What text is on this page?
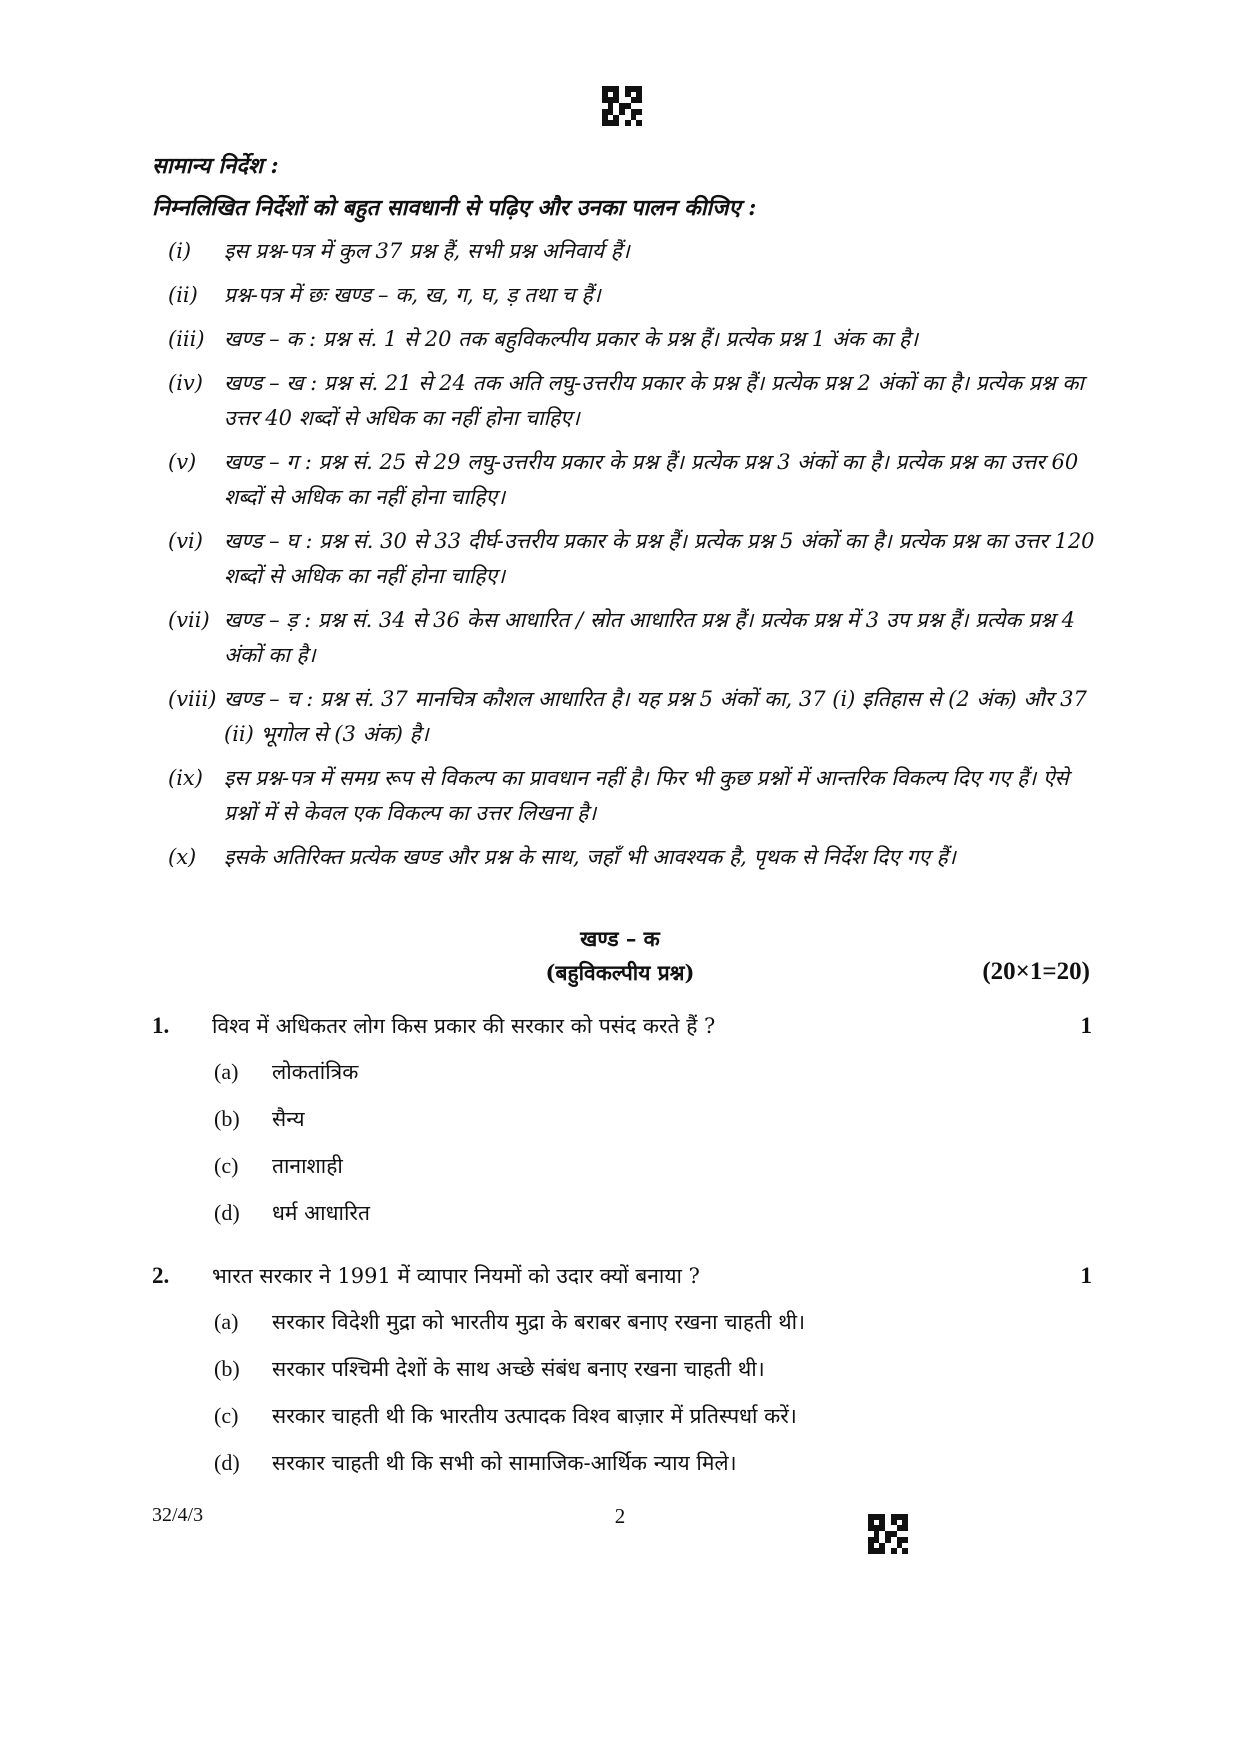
सामान्य निर्देश :
निम्नलिखित निर्देशों को बहुत सावधानी से पढ़िए और उनका पालन कीजिए :
(i) इस प्रश्न-पत्र में कुल 37 प्रश्न हैं, सभी प्रश्न अनिवार्य हैं।
(ii) प्रश्न-पत्र में छः खण्ड – क, ख, ग, घ, ड़ तथा च हैं।
(iii) खण्ड – क : प्रश्न सं. 1 से 20 तक बहुविकल्पीय प्रकार के प्रश्न हैं। प्रत्येक प्रश्न 1 अंक का है।
(iv) खण्ड – ख : प्रश्न सं. 21 से 24 तक अति लघु-उत्तरीय प्रकार के प्रश्न हैं। प्रत्येक प्रश्न 2 अंकों का है। प्रत्येक प्रश्न का उत्तर 40 शब्दों से अधिक का नहीं होना चाहिए।
(v) खण्ड – ग : प्रश्न सं. 25 से 29 लघु-उत्तरीय प्रकार के प्रश्न हैं। प्रत्येक प्रश्न 3 अंकों का है। प्रत्येक प्रश्न का उत्तर 60 शब्दों से अधिक का नहीं होना चाहिए।
(vi) खण्ड – घ : प्रश्न सं. 30 से 33 दीर्घ-उत्तरीय प्रकार के प्रश्न हैं। प्रत्येक प्रश्न 5 अंकों का है। प्रत्येक प्रश्न का उत्तर 120 शब्दों से अधिक का नहीं होना चाहिए।
(vii) खण्ड – ड़ : प्रश्न सं. 34 से 36 केस आधारित / स्रोत आधारित प्रश्न हैं। प्रत्येक प्रश्न में 3 उप प्रश्न हैं। प्रत्येक प्रश्न 4 अंकों का है।
(viii) खण्ड – च : प्रश्न सं. 37 मानचित्र कौशल आधारित है। यह प्रश्न 5 अंकों का, 37 (i) इतिहास से (2 अंक) और 37 (ii) भूगोल से (3 अंक) है।
(ix) इस प्रश्न-पत्र में समग्र रूप से विकल्प का प्रावधान नहीं है। फिर भी कुछ प्रश्नों में आन्तरिक विकल्प दिए गए हैं। ऐसे प्रश्नों में से केवल एक विकल्प का उत्तर लिखना है।
(x) इसके अतिरिक्त प्रत्येक खण्ड और प्रश्न के साथ, जहाँ भी आवश्यक है, पृथक से निर्देश दिए गए हैं।
खण्ड – क
(बहुविकल्पीय प्रश्न)	(20×1=20)
1. विश्व में अधिकतर लोग किस प्रकार की सरकार को पसंद करते हैं ?	1
(a) लोकतांत्रिक
(b) सैन्य
(c) तानाशाही
(d) धर्म आधारित
2. भारत सरकार ने 1991 में व्यापार नियमों को उदार क्यों बनाया ?	1
(a) सरकार विदेशी मुद्रा को भारतीय मुद्रा के बराबर बनाए रखना चाहती थी।
(b) सरकार पश्चिमी देशों के साथ अच्छे संबंध बनाए रखना चाहती थी।
(c) सरकार चाहती थी कि भारतीय उत्पादक विश्व बाज़ार में प्रतिस्पर्धा करें।
(d) सरकार चाहती थी कि सभी को सामाजिक-आर्थिक न्याय मिले।
32/4/3	2
